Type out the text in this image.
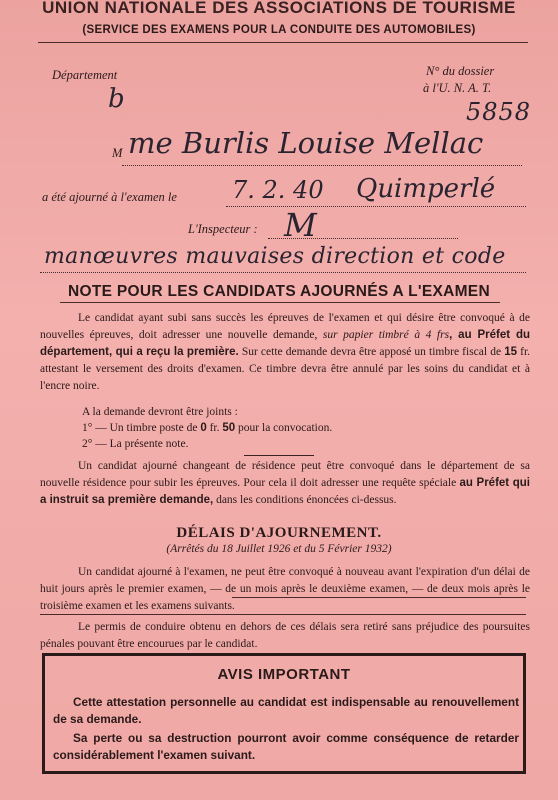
UNION NATIONALE DES ASSOCIATIONS DE TOURISME
(SERVICE DES EXAMENS POUR LA CONDUITE DES AUTOMOBILES)
Département
b
N° du dossier
à l'U. N. A. T.
5858
M me Burlis Louise Mellac
a été ajourné à l'examen le 7. 2. 40 Quimperlé
L'Inspecteur : M
manœuvres mauvaises direction et code
NOTE POUR LES CANDIDATS AJOURNÉS A L'EXAMEN
Le candidat ayant subi sans succès les épreuves de l'examen et qui désire être convoqué à de nouvelles épreuves, doit adresser une nouvelle demande, sur papier timbré à 4 frs, au Préfet du département, qui a reçu la première. Sur cette demande devra être apposé un timbre fiscal de 15 fr. attestant le versement des droits d'examen. Ce timbre devra être annulé par les soins du candidat et à l'encre noire.
A la demande devront être joints :
1° — Un timbre poste de 0 fr. 50 pour la convocation.
2° — La présente note.
Un candidat ajourné changeant de résidence peut être convoqué dans le département de sa nouvelle résidence pour subir les épreuves. Pour cela il doit adresser une requête spéciale au Préfet qui a instruit sa première demande, dans les conditions énoncées ci-dessus.
DÉLAIS D'AJOURNEMENT.
(Arrêtés du 18 Juillet 1926 et du 5 Février 1932)
Un candidat ajourné à l'examen, ne peut être convoqué à nouveau avant l'expiration d'un délai de huit jours après le premier examen, — de un mois après le deuxième examen, — de deux mois après le troisième examen et les examens suivants.
Le permis de conduire obtenu en dehors de ces délais sera retiré sans préjudice des poursuites pénales pouvant être encourues par le candidat.
AVIS IMPORTANT
Cette attestation personnelle au candidat est indispensable au renouvellement de sa demande.
Sa perte ou sa destruction pourront avoir comme conséquence de retarder considérablement l'examen suivant.
